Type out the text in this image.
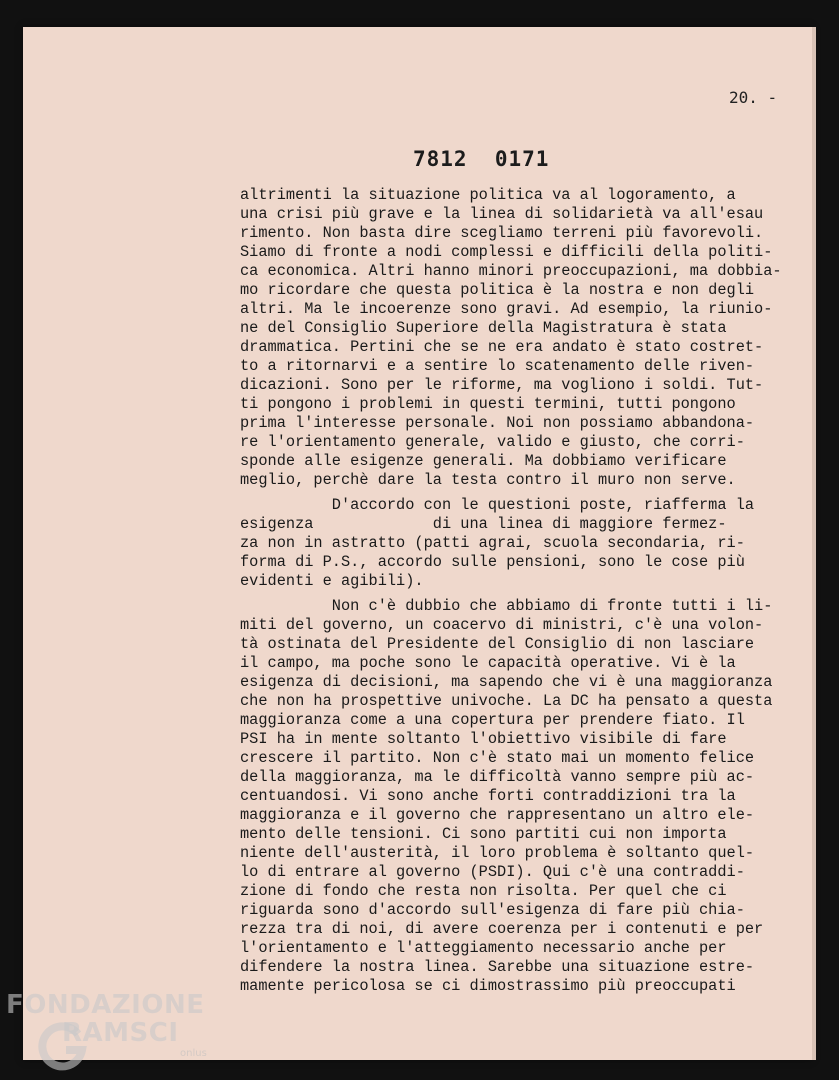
20. -
7812  0171
altrimenti la situazione politica va al logoramento, a
una crisi più grave e la linea di solidarietà va all'esau
rimento. Non basta dire scegliamo terreni più favorevoli.
Siamo di fronte a nodi complessi e difficili della politi-
ca economica. Altri hanno minori preoccupazioni, ma dobbia-
mo ricordare che questa politica è la nostra e non degli
altri. Ma le incoerenze sono gravi. Ad esempio, la riunio-
ne del Consiglio Superiore della Magistratura è stata
drammatica. Pertini che se ne era andato è stato costret-
to a ritornarvi e a sentire lo scatenamento delle riven-
dicazioni. Sono per le riforme, ma vogliono i soldi. Tut-
ti pongono i problemi in questi termini, tutti pongono
prima l'interesse personale. Noi non possiamo abbandona-
re l'orientamento generale, valido e giusto, che corri-
sponde alle esigenze generali. Ma dobbiamo verificare
meglio, perchè dare la testa contro il muro non serve.
D'accordo con le questioni poste, riafferma la
esigenza             di una linea di maggiore fermez-
za non in astratto (patti agrai, scuola secondaria, ri-
forma di P.S., accordo sulle pensioni, sono le cose più
evidenti e agibili).
Non c'è dubbio che abbiamo di fronte tutti i li-
miti del governo, un coacervo di ministri, c'è una volon-
tà ostinata del Presidente del Consiglio di non lasciare
il campo, ma poche sono le capacità operative. Vi è la
esigenza di decisioni, ma sapendo che vi è una maggioranza
che non ha prospettive univoche. La DC ha pensato a questa
maggioranza come a una copertura per prendere fiato. Il
PSI ha in mente soltanto l'obiettivo visibile di fare
crescere il partito. Non c'è stato mai un momento felice
della maggioranza, ma le difficoltà vanno sempre più ac-
centuandosi. Vi sono anche forti contraddizioni tra la
maggioranza e il governo che rappresentano un altro ele-
mento delle tensioni. Ci sono partiti cui non importa
niente dell'austerità, il loro problema è soltanto quel-
lo di entrare al governo (PSDI). Qui c'è una contraddi-
zione di fondo che resta non risolta. Per quel che ci
riguarda sono d'accordo sull'esigenza di fare più chia-
rezza tra di noi, di avere coerenza per i contenuti e per
l'orientamento e l'atteggiamento necessario anche per
difendere la nostra linea. Sarebbe una situazione estre-
mamente pericolosa se ci dimostrassimo più preoccupati
FONDAZIONE
RAMSCI
onlus
